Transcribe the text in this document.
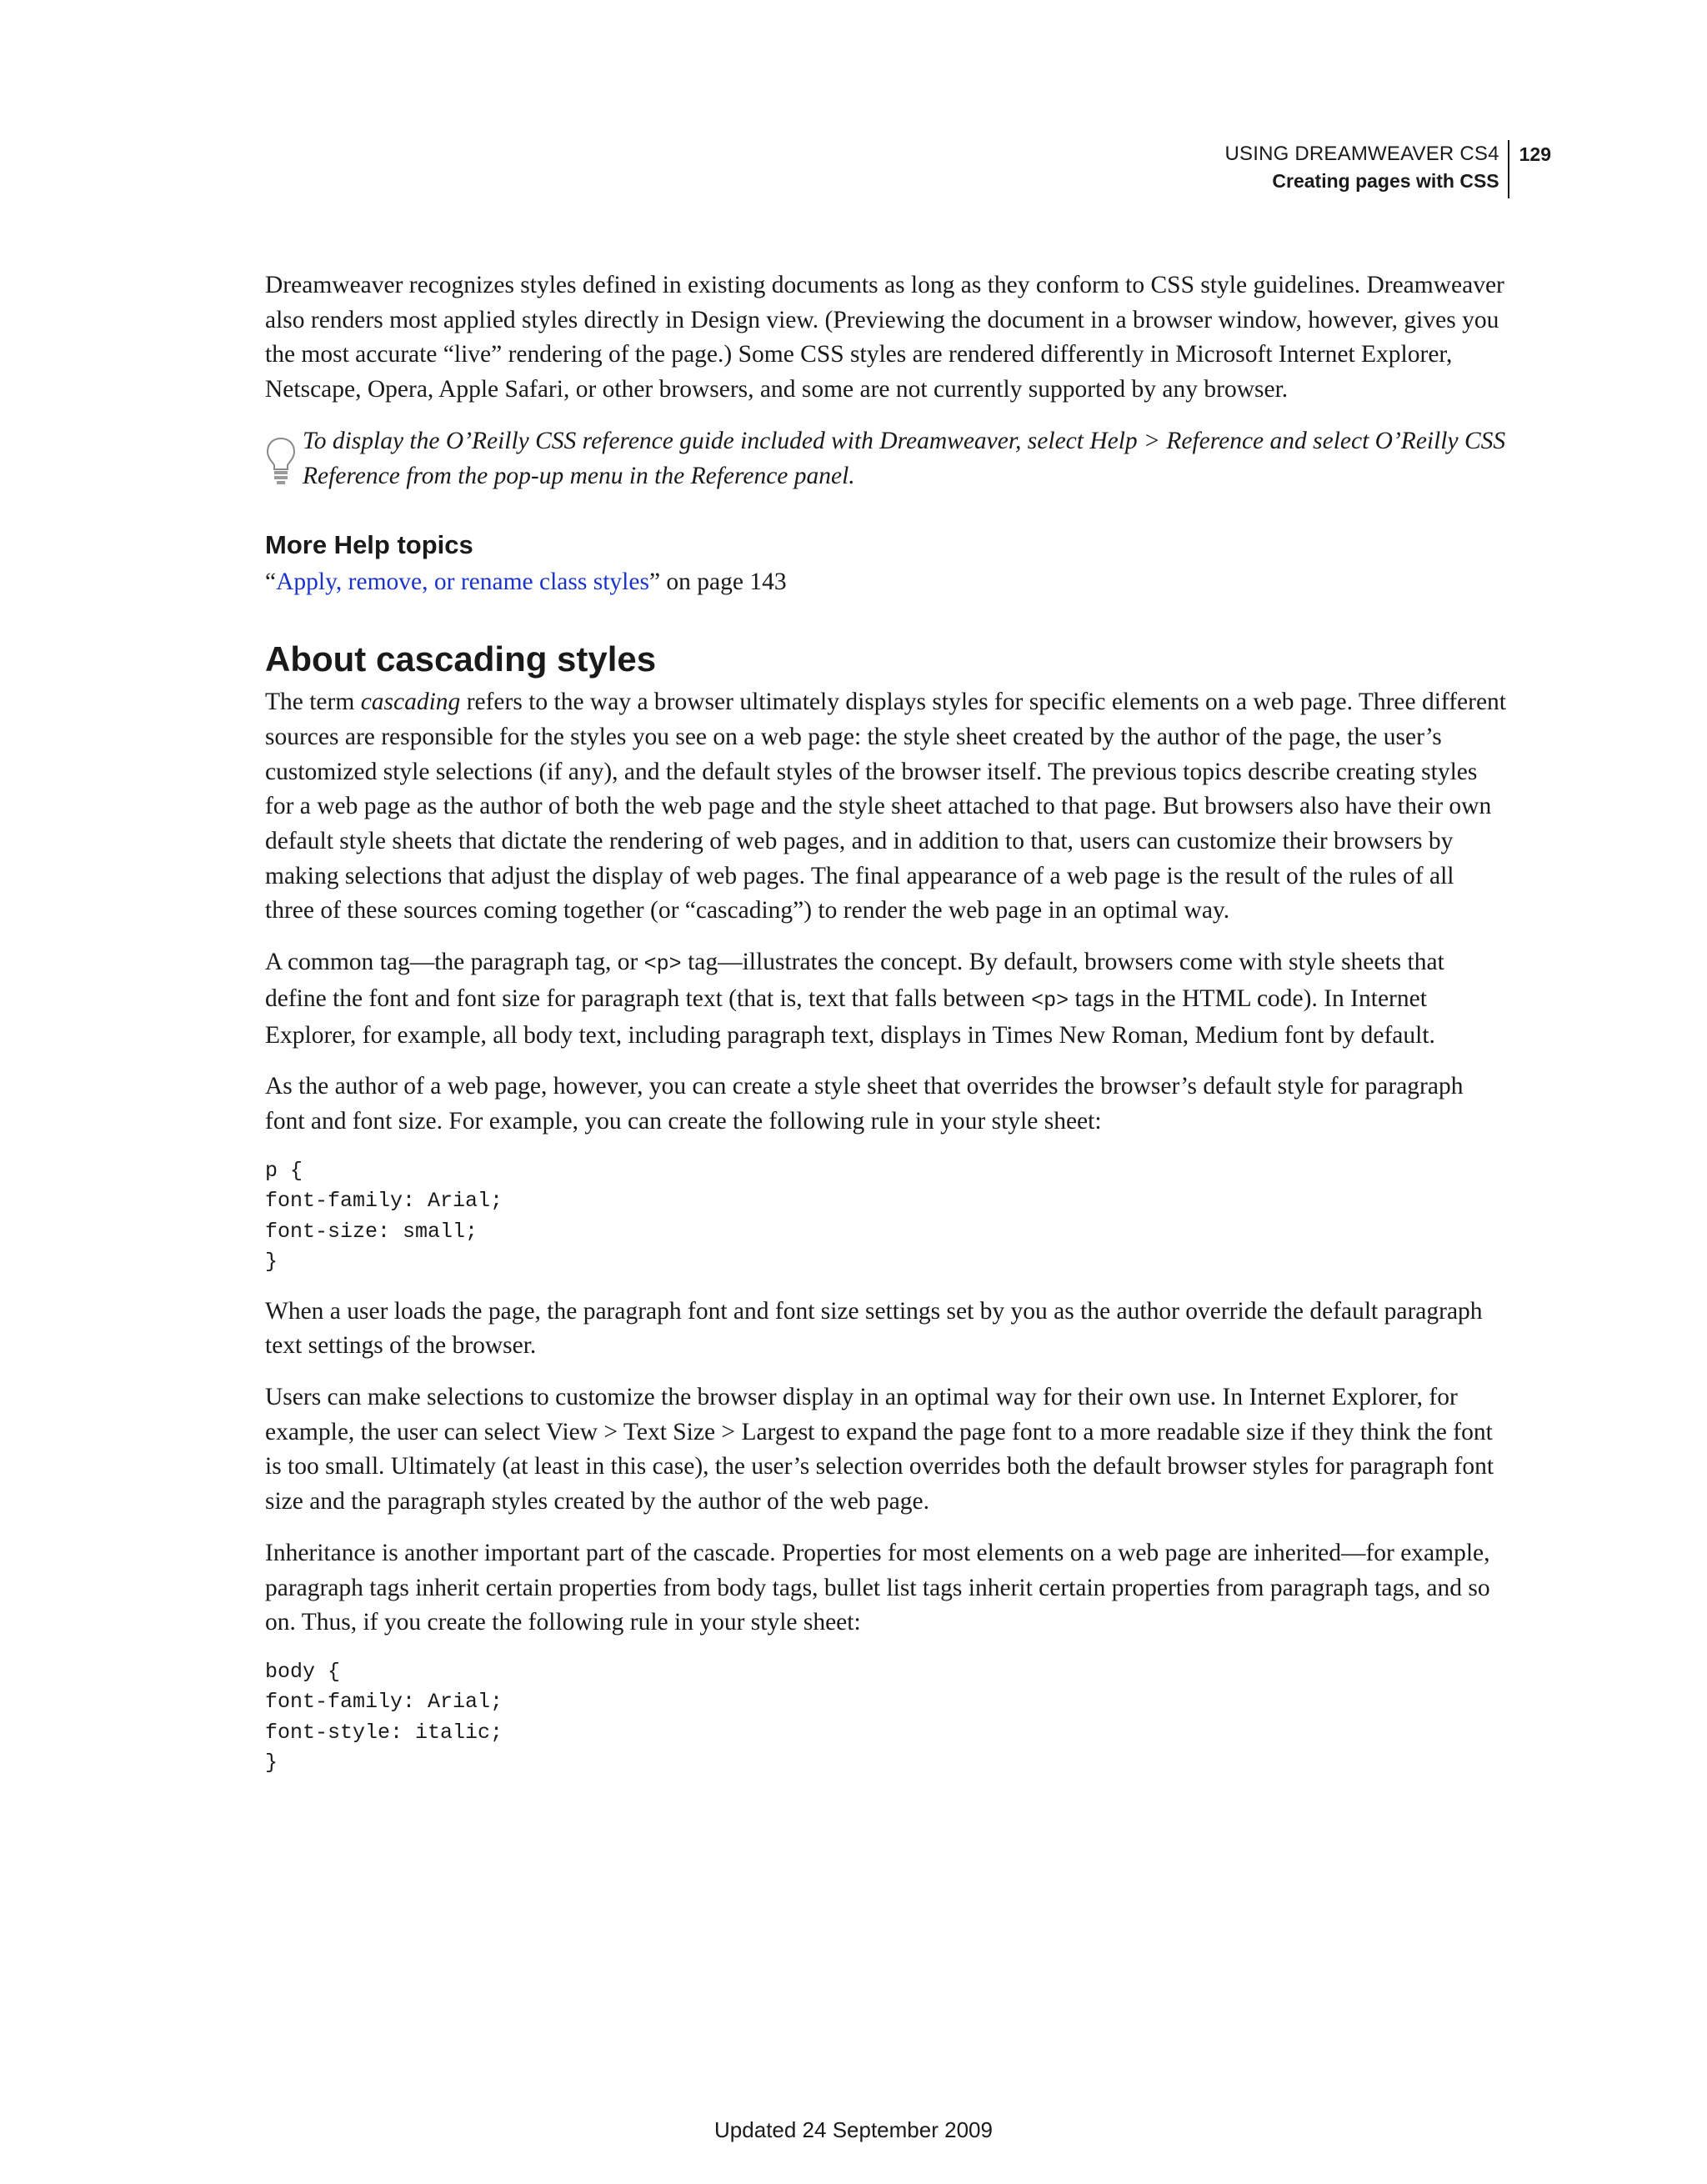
USING DREAMWEAVER CS4
Creating pages with CSS
129

Dreamweaver recognizes styles defined in existing documents as long as they conform to CSS style guidelines. Dreamweaver also renders most applied styles directly in Design view. (Previewing the document in a browser window, however, gives you the most accurate “live” rendering of the page.) Some CSS styles are rendered differently in Microsoft Internet Explorer, Netscape, Opera, Apple Safari, or other browsers, and some are not currently supported by any browser.

To display the O’Reilly CSS reference guide included with Dreamweaver, select Help > Reference and select O’Reilly CSS Reference from the pop-up menu in the Reference panel.
More Help topics

“Apply, remove, or rename class styles” on page 143

About cascading styles

The term cascading refers to the way a browser ultimately displays styles for specific elements on a web page. Three different sources are responsible for the styles you see on a web page: the style sheet created by the author of the page, the user’s customized style selections (if any), and the default styles of the browser itself. The previous topics describe creating styles for a web page as the author of both the web page and the style sheet attached to that page. But browsers also have their own default style sheets that dictate the rendering of web pages, and in addition to that, users can customize their browsers by making selections that adjust the display of web pages. The final appearance of a web page is the result of the rules of all three of these sources coming together (or “cascading”) to render the web page in an optimal way.

A common tag—the paragraph tag, or <p> tag—illustrates the concept. By default, browsers come with style sheets that define the font and font size for paragraph text (that is, text that falls between <p> tags in the HTML code). In Internet Explorer, for example, all body text, including paragraph text, displays in Times New Roman, Medium font by default.

As the author of a web page, however, you can create a style sheet that overrides the browser’s default style for paragraph font and font size. For example, you can create the following rule in your style sheet:

p {
font-family: Arial;
font-size: small;
}

When a user loads the page, the paragraph font and font size settings set by you as the author override the default paragraph text settings of the browser.

Users can make selections to customize the browser display in an optimal way for their own use. In Internet Explorer, for example, the user can select View > Text Size > Largest to expand the page font to a more readable size if they think the font is too small. Ultimately (at least in this case), the user’s selection overrides both the default browser styles for paragraph font size and the paragraph styles created by the author of the web page.

Inheritance is another important part of the cascade. Properties for most elements on a web page are inherited—for example, paragraph tags inherit certain properties from body tags, bullet list tags inherit certain properties from paragraph tags, and so on. Thus, if you create the following rule in your style sheet:

body {
font-family: Arial;
font-style: italic;
}
Updated 24 September 2009
